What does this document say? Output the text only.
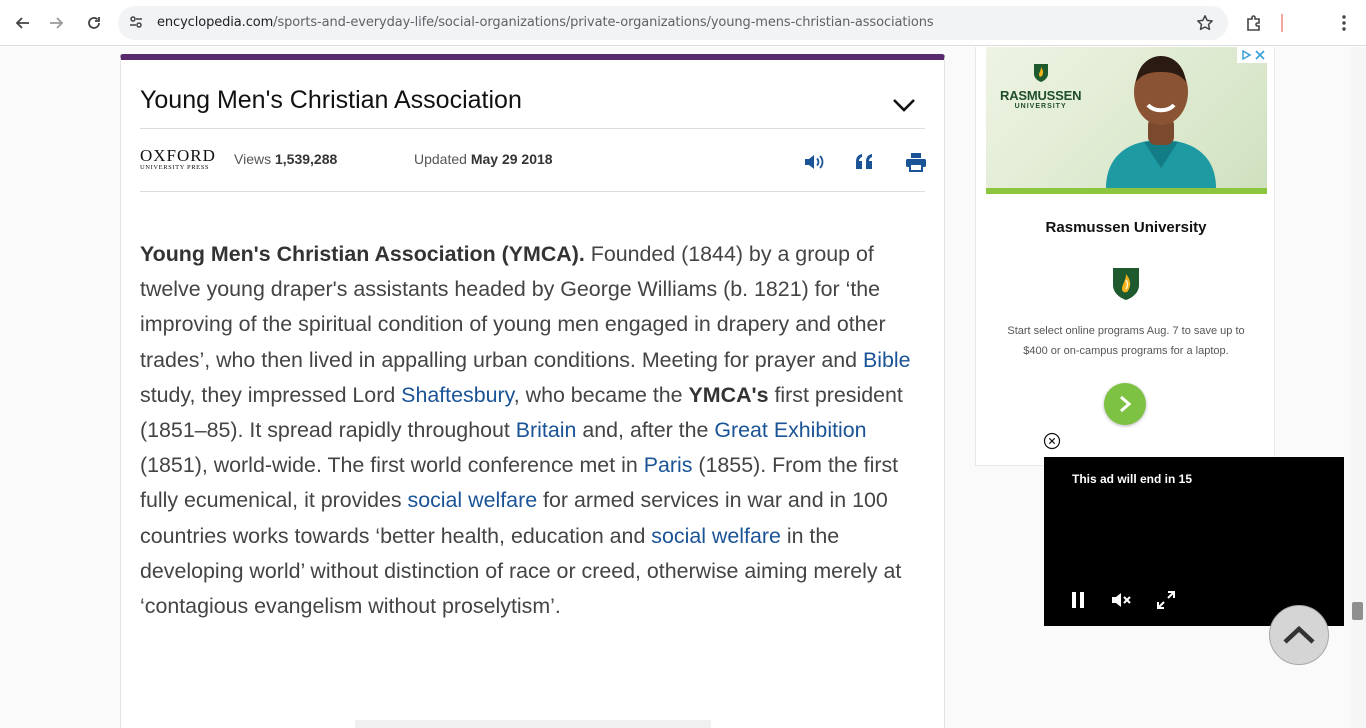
encyclopedia.com/sports-and-everyday-life/social-organizations/private-organizations/young-mens-christian-associations
Young Men's Christian Association
OXFORD
UNIVERSITY PRESS
Views 1,539,288	Updated May 29 2018

Young Men's Christian Association (YMCA). Founded (1844) by a group of twelve young draper's assistants headed by George Williams (b. 1821) for ‘the improving of the spiritual condition of young men engaged in drapery and other trades’, who then lived in appalling urban conditions. Meeting for prayer and Bible study, they impressed Lord Shaftesbury, who became the YMCA's first president (1851–85). It spread rapidly throughout Britain and, after the Great Exhibition (1851), world-wide. The first world conference met in Paris (1855). From the first fully ecumenical, it provides social welfare for armed services in war and in 100 countries works towards ‘better health, education and social welfare in the developing world’ without distinction of race or creed, otherwise aiming merely at ‘contagious evangelism without proselytism’.

RASMUSSEN
UNIVERSITY
Rasmussen University
Start select online programs Aug. 7 to save up to $400 or on-campus programs for a laptop.
This ad will end in 15
